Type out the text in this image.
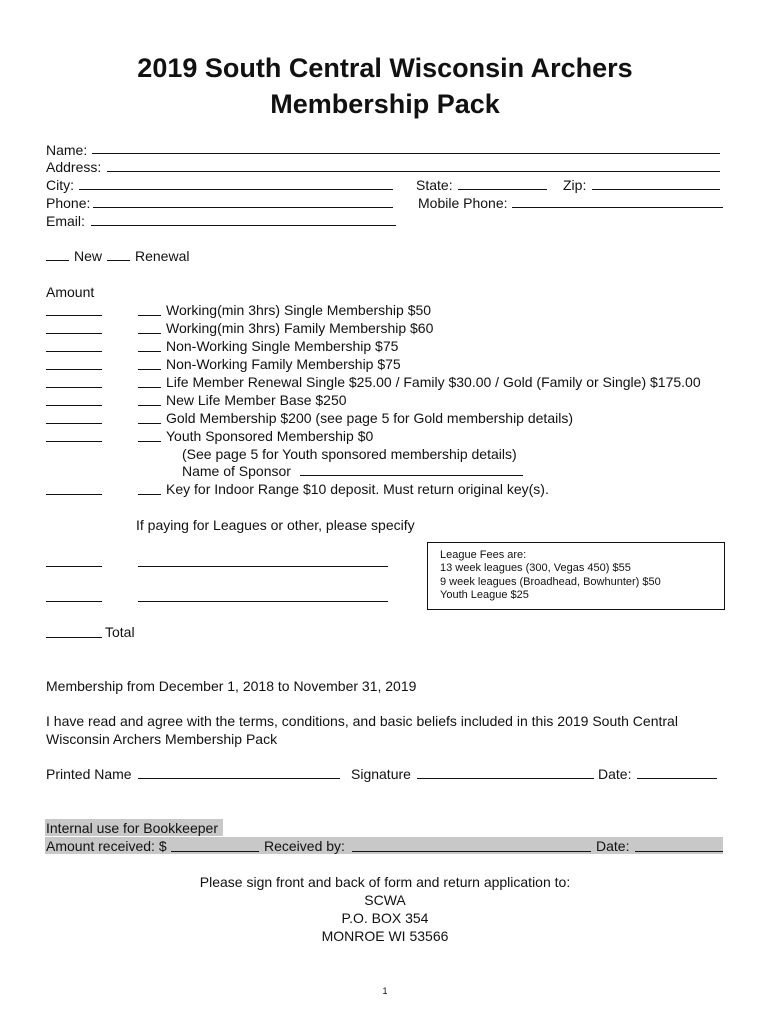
2019 South Central Wisconsin Archers
Membership Pack
Name:
Address:
City:	State:	Zip:
Phone:	Mobile Phone:
Email:
New Renewal
Amount
Working(min 3hrs) Single Membership $50
Working(min 3hrs) Family Membership $60
Non-Working Single Membership $75
Non-Working Family Membership $75
Life Member Renewal Single $25.00 / Family $30.00 / Gold (Family or Single) $175.00
New Life Member Base $250
Gold Membership $200 (see page 5 for Gold membership details)
Youth Sponsored Membership $0
(See page 5 for Youth sponsored membership details)
Name of Sponsor
Key for Indoor Range $10 deposit. Must return original key(s).
If paying for Leagues or other, please specify
League Fees are:
13 week leagues (300, Vegas 450) $55
9 week leagues (Broadhead, Bowhunter) $50
Youth League $25
Total
Membership from December 1, 2018 to November 31, 2019
I have read and agree with the terms, conditions, and basic beliefs included in this 2019 South Central
Wisconsin Archers Membership Pack
Printed Name	Signature	Date:
Internal use for Bookkeeper
Amount received: $	Received by:	Date:
Please sign front and back of form and return application to:
SCWA
P.O. BOX 354
MONROE WI 53566
1
